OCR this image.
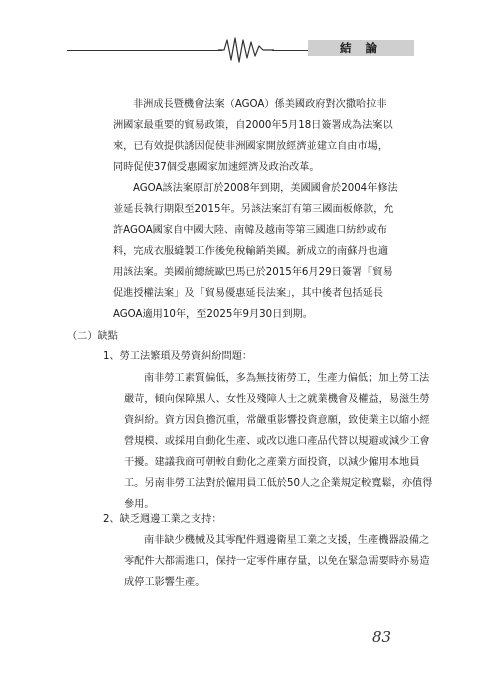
結 論

非洲成長暨機會法案（AGOA）係美國政府對次撒哈拉非
洲國家最重要的貿易政策，自2000年5月18日簽署成為法案以
來，已有效提供誘因促使非洲國家開放經濟並建立自由市場，
同時促使37個受惠國家加速經濟及政治改革。

AGOA該法案原訂於2008年到期，美國國會於2004年修法
並延長執行期限至2015年。另該法案訂有第三國面板條款，允
許AGOA國家自中國大陸、南韓及越南等第三國進口紡紗或布
料，完成衣服縫製工作後免稅輸銷美國。新成立的南蘇丹也適
用該法案。美國前總統歐巴馬已於2015年6月29日簽署「貿易
促進授權法案」及「貿易優惠延長法案」，其中後者包括延長
AGOA適用10年，至2025年9月30日到期。

（二）缺點

1、勞工法繁瑣及勞資糾紛問題：

南非勞工素質偏低，多為無技術勞工，生產力偏低；加上勞工法
嚴苛，傾向保障黑人、女性及殘障人士之就業機會及權益，易滋生勞
資糾紛。資方因負擔沉重，常嚴重影響投資意願，致使業主以縮小經
營規模、或採用自動化生產、或改以進口產品代替以規避或減少工會
干擾。建議我商可朝較自動化之產業方面投資，以減少僱用本地員
工。另南非勞工法對於僱用員工低於50人之企業規定較寬鬆，亦值得
參用。

2、缺乏週邊工業之支持：

南非缺少機械及其零配件週邊衛星工業之支援，生產機器設備之
零配件大都需進口，保持一定零件庫存量，以免在緊急需要時亦易造
成停工影響生產。

83
